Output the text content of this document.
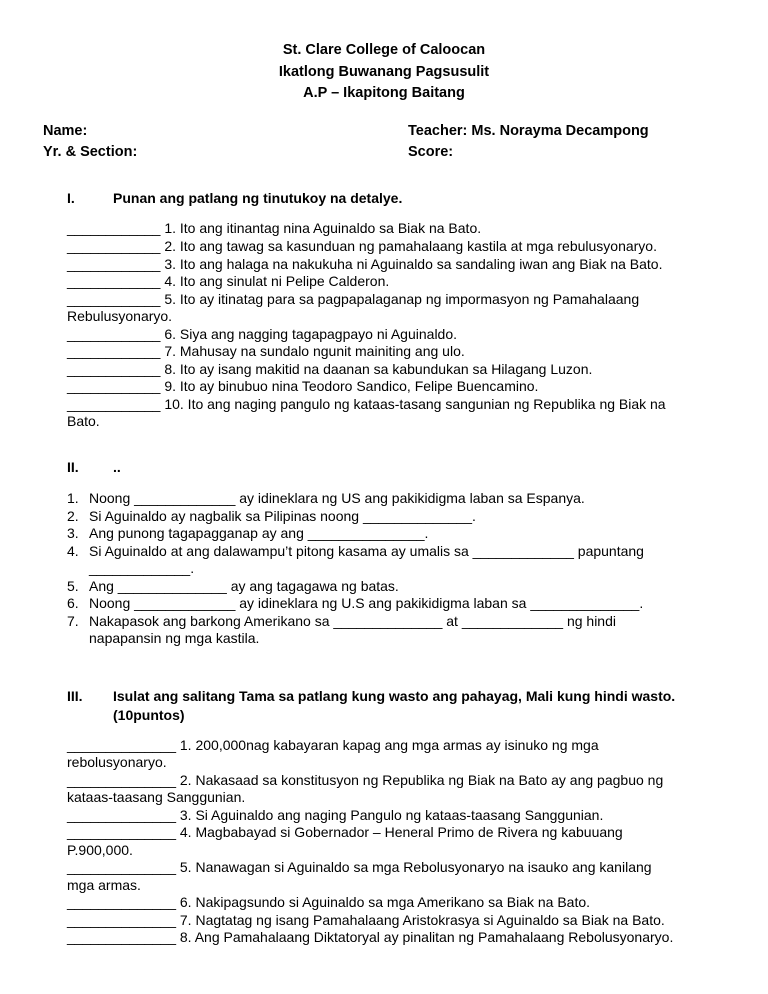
St. Clare College of Caloocan
Ikatlong Buwanang Pagsusulit
A.P – Ikapitong Baitang
Name:
Yr. & Section:
Teacher: Ms. Norayma Decampong
Score:
I.	Punan ang patlang ng tinutukoy na detalye.
____________ 1. Ito ang itinantag nina Aguinaldo sa Biak na Bato.
____________ 2. Ito ang tawag sa kasunduan ng pamahalaang kastila at mga rebulusyonaryo.
____________ 3. Ito ang halaga na nakukuha ni Aguinaldo sa sandaling iwan ang Biak na Bato.
____________ 4. Ito ang sinulat ni Pelipe Calderon.
____________ 5. Ito ay itinatag para sa pagpapalaganap ng impormasyon ng Pamahalaang
Rebulusyonaryo.
____________ 6. Siya ang nagging tagapagpayo ni Aguinaldo.
____________ 7. Mahusay na sundalo ngunit mainiting ang ulo.
____________ 8. Ito ay isang makitid na daanan sa kabundukan sa Hilagang Luzon.
____________ 9. Ito ay binubuo nina Teodoro Sandico, Felipe Buencamino.
____________ 10. Ito ang naging pangulo ng kataas-tasang sangunian ng Republika ng Biak na
Bato.
II. ..
1. Noong _____________ ay idineklara ng US ang pakikidigma laban sa Espanya.
2. Si Aguinaldo ay nagbalik sa Pilipinas noong ______________.
3. Ang punong tagapagganap ay ang _______________.
4. Si Aguinaldo at ang dalawampu’t pitong kasama ay umalis sa _____________ papuntang
_____________.
5. Ang ______________ ay ang tagagawa ng batas.
6. Noong _____________ ay idineklara ng U.S ang pakikidigma laban sa ______________.
7. Nakapasok ang barkong Amerikano sa ______________ at _____________ ng hindi
napapansin ng mga kastila.
III. Isulat ang salitang Tama sa patlang kung wasto ang pahayag, Mali kung hindi wasto.
(10puntos)
______________ 1. 200,000nag kabayaran kapag ang mga armas ay isinuko ng mga
rebolusyonaryo.
______________ 2. Nakasaad sa konstitusyon ng Republika ng Biak na Bato ay ang pagbuo ng
kataas-taasang Sanggunian.
______________ 3. Si Aguinaldo ang naging Pangulo ng kataas-taasang Sanggunian.
______________ 4. Magbabayad si Gobernador – Heneral Primo de Rivera ng kabuuang
P.900,000.
______________ 5. Nanawagan si Aguinaldo sa mga Rebolusyonaryo na isauko ang kanilang
mga armas.
______________ 6. Nakipagsundo si Aguinaldo sa mga Amerikano sa Biak na Bato.
______________ 7. Nagtatag ng isang Pamahalaang Aristokrasya si Aguinaldo sa Biak na Bato.
______________ 8. Ang Pamahalaang Diktatoryal ay pinalitan ng Pamahalaang Rebolusyonaryo.
